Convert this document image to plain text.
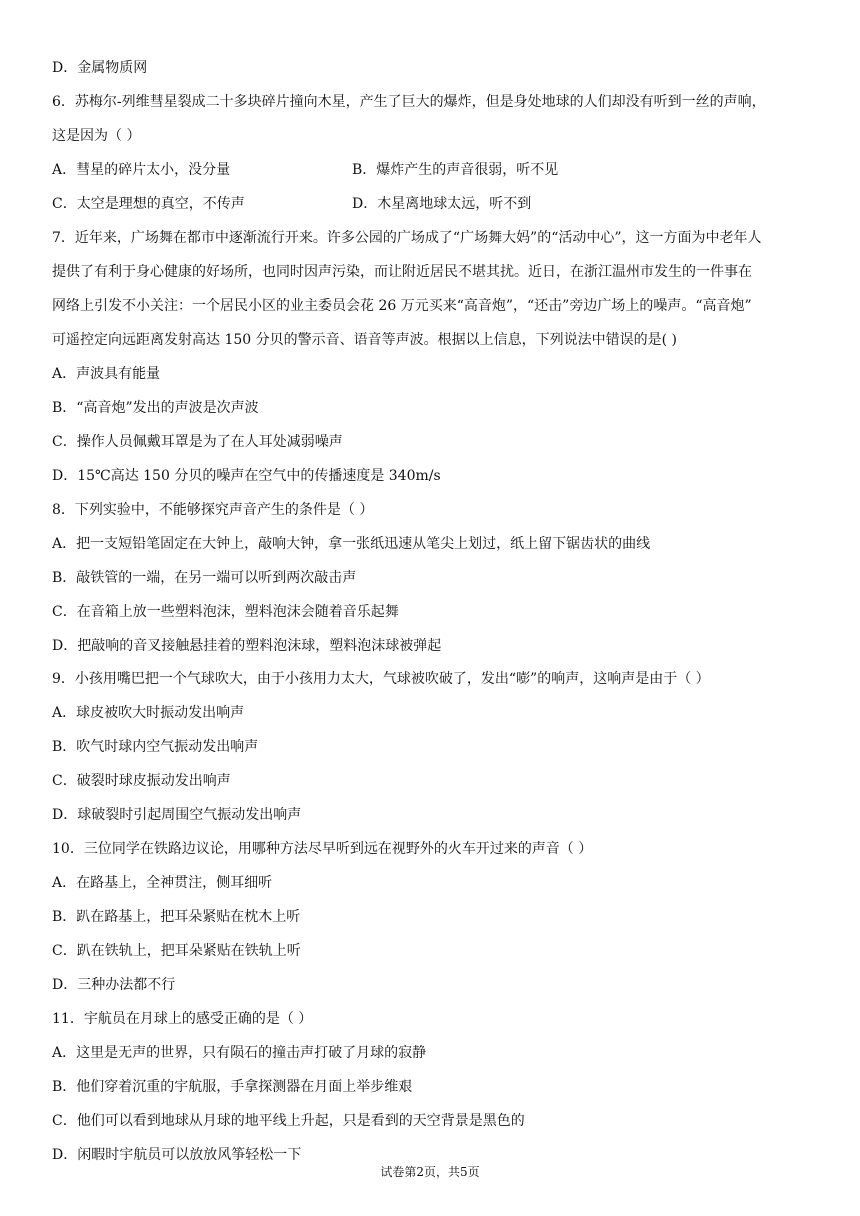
D．金属物质网
6．苏梅尔-列维彗星裂成二十多块碎片撞向木星，产生了巨大的爆炸，但是身处地球的人们却没有听到一丝的声响，
这是因为（ ）
A．彗星的碎片太小，没分量	B．爆炸产生的声音很弱，听不见
C．太空是理想的真空，不传声	D．木星离地球太远，听不到
7．近年来，广场舞在都市中逐渐流行开来。许多公园的广场成了“广场舞大妈”的“活动中心”，这一方面为中老年人
提供了有利于身心健康的好场所，也同时因声污染，而让附近居民不堪其扰。近日，在浙江温州市发生的一件事在
网络上引发不小关注：一个居民小区的业主委员会花 26 万元买来“高音炮”，“还击”旁边广场上的噪声。“高音炮”
可遥控定向远距离发射高达 150 分贝的警示音、语音等声波。根据以上信息，下列说法中错误的是( )
A．声波具有能量
B．“高音炮”发出的声波是次声波
C．操作人员佩戴耳罩是为了在人耳处减弱噪声
D．15℃高达 150 分贝的噪声在空气中的传播速度是 340m/s
8．下列实验中，不能够探究声音产生的条件是（ ）
A．把一支短铅笔固定在大钟上，敲响大钟，拿一张纸迅速从笔尖上划过，纸上留下锯齿状的曲线
B．敲铁管的一端，在另一端可以听到两次敲击声
C．在音箱上放一些塑料泡沫，塑料泡沫会随着音乐起舞
D．把敲响的音叉接触悬挂着的塑料泡沫球，塑料泡沫球被弹起
9．小孩用嘴巴把一个气球吹大，由于小孩用力太大，气球被吹破了，发出“嘭”的响声，这响声是由于（ ）
A．球皮被吹大时振动发出响声
B．吹气时球内空气振动发出响声
C．破裂时球皮振动发出响声
D．球破裂时引起周围空气振动发出响声
10．三位同学在铁路边议论，用哪种方法尽早听到远在视野外的火车开过来的声音（ ）
A．在路基上，全神贯注，侧耳细听
B．趴在路基上，把耳朵紧贴在枕木上听
C．趴在铁轨上，把耳朵紧贴在铁轨上听
D．三种办法都不行
11．宇航员在月球上的感受正确的是（ ）
A．这里是无声的世界，只有陨石的撞击声打破了月球的寂静
B．他们穿着沉重的宇航服，手拿探测器在月面上举步维艰
C．他们可以看到地球从月球的地平线上升起，只是看到的天空背景是黑色的
D．闲暇时宇航员可以放放风筝轻松一下
试卷第2页，共5页
